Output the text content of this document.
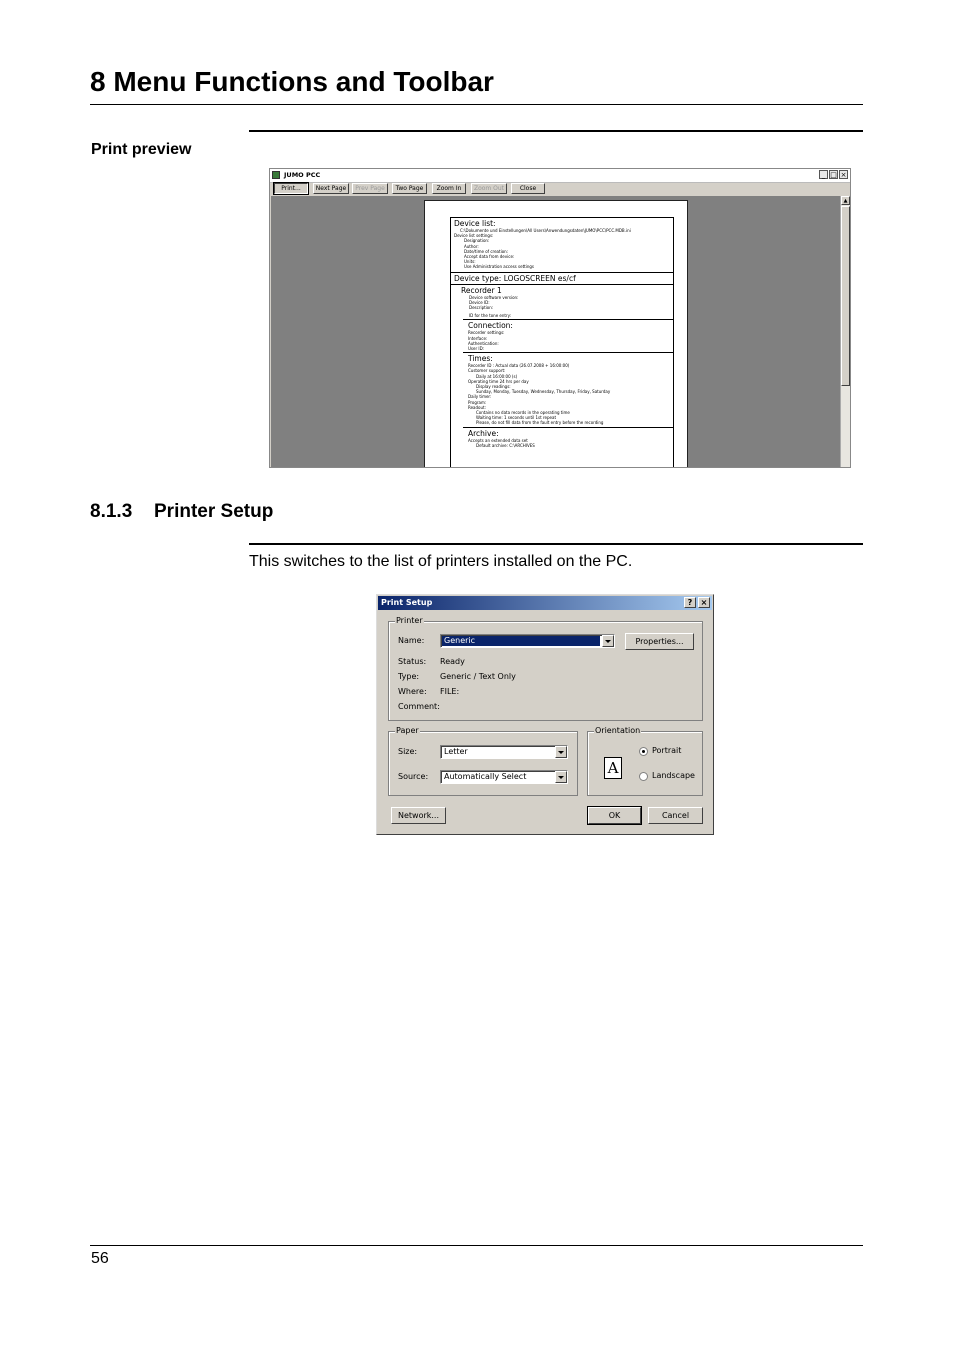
8 Menu Functions and Toolbar
Print preview
JUMO PCC	_ □ ×
Print...	Next Page	Prev Page	Two Page	Zoom In	Zoom Out	Close
Device list:
C:\Dokumente und Einstellungen\All Users\Anwendungsdaten\JUMO\PCC\PCC.MDB.ini
Device list settings:
Designation:
Author:
Date/time of creation:
Accept data from device:
Units:
Use Administration access settings
Device type: LOGOSCREEN es/cf
Recorder 1
Device software version:
Device ID:
Description:
ID for the tone entry:
Connection:
Recorder settings:
Interface:
Authentication:
User ID:
Times:
Recorder ID : Actual data (26.07.2008 + 16:00:00)
Customer support:
Daily at 16:00:00 (s)
Operating time 24 hrs per day
Display readings:
Sunday, Monday, Tuesday, Wednesday, Thursday, Friday, Saturday
Daily timer:
Program:
Readout:
Contains no data records in the operating time
Waiting time: 1 seconds until 1st repeat
Please, do not fill data from the fault entry before the recording
Archive:
Accepts an extended data set
Default archive: C:\ARCHIVES
▲
8.1.3 Printer Setup
This switches to the list of printers installed on the PC.
Print Setup	?	×
Printer
Name: Generic	Properties...
Status: Ready
Type:	Generic / Text Only
Where: FILE:
Comment:
Paper
Size:	Letter
Source: Automatically Select
Orientation
A
Portrait
Landscape
Network...	OK	Cancel
56
